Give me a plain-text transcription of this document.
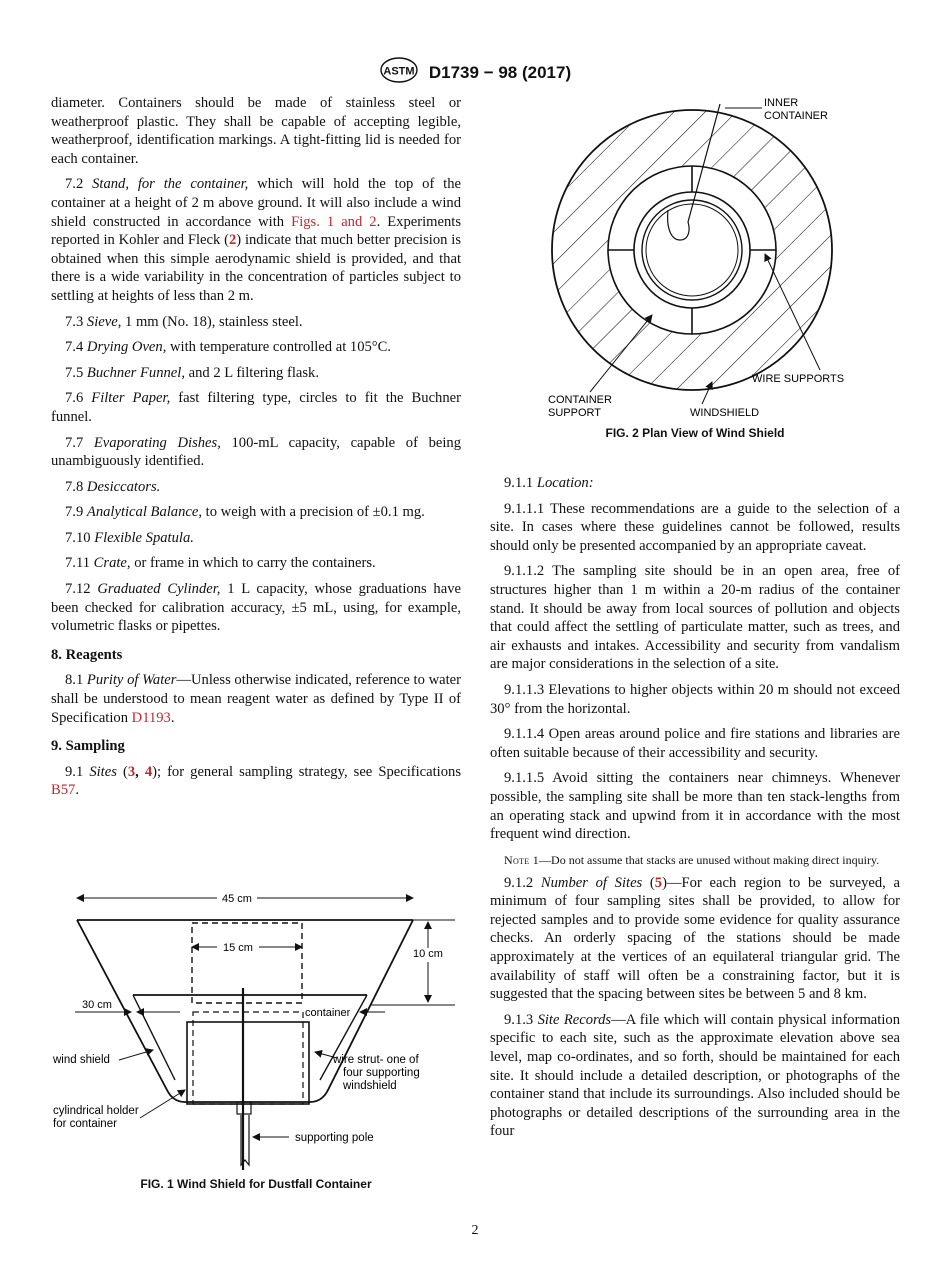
ASTM D1739 − 98 (2017)

diameter. Containers should be made of stainless steel or weatherproof plastic. They shall be capable of accepting legible, weatherproof, identification markings. A tight-fitting lid is needed for each container.

7.2 Stand, for the container, which will hold the top of the container at a height of 2 m above ground. It will also include a wind shield constructed in accordance with Figs. 1 and 2. Experiments reported in Kohler and Fleck (2) indicate that much better precision is obtained when this simple aerodynamic shield is provided, and that there is a wide variability in the concentration of particles subject to settling at heights of less than 2 m.

7.3 Sieve, 1 mm (No. 18), stainless steel.

7.4 Drying Oven, with temperature controlled at 105°C.

7.5 Buchner Funnel, and 2 L filtering flask.

7.6 Filter Paper, fast filtering type, circles to fit the Buchner funnel.

7.7 Evaporating Dishes, 100-mL capacity, capable of being unambiguously identified.

7.8 Desiccators.

7.9 Analytical Balance, to weigh with a precision of ±0.1 mg.

7.10 Flexible Spatula.

7.11 Crate, or frame in which to carry the containers.

7.12 Graduated Cylinder, 1 L capacity, whose graduations have been checked for calibration accuracy, ±5 mL, using, for example, volumetric flasks or pipettes.

8. Reagents

8.1 Purity of Water—Unless otherwise indicated, reference to water shall be understood to mean reagent water as defined by Type II of Specification D1193.

9. Sampling

9.1 Sites (3, 4); for general sampling strategy, see Specifications B57.

45 cm
15 cm	10 cm
30 cm
container
wind shield	wire strut- one of
four supporting
windshield
cylindrical holder
for container
supporting pole
FIG. 1 Wind Shield for Dustfall Container
INNER
CONTAINER
WIRE SUPPORTS
CONTAINER
SUPPORT	WINDSHIELD
FIG. 2 Plan View of Wind Shield

9.1.1 Location:

9.1.1.1 These recommendations are a guide to the selection of a site. In cases where these guidelines cannot be followed, results should only be presented accompanied by an appropriate caveat.

9.1.1.2 The sampling site should be in an open area, free of structures higher than 1 m within a 20-m radius of the container stand. It should be away from local sources of pollution and objects that could affect the settling of particulate matter, such as trees, and air exhausts and intakes. Accessibility and security from vandalism are major considerations in the selection of a site.

9.1.1.3 Elevations to higher objects within 20 m should not exceed 30° from the horizontal.

9.1.1.4 Open areas around police and fire stations and libraries are often suitable because of their accessibility and security.

9.1.1.5 Avoid sitting the containers near chimneys. Whenever possible, the sampling site shall be more than ten stack-lengths from an operating stack and upwind from it in accordance with the most frequent wind direction.

Note 1—Do not assume that stacks are unused without making direct inquiry.

9.1.2 Number of Sites (5)—For each region to be surveyed, a minimum of four sampling sites shall be provided, to allow for rejected samples and to provide some evidence for quality assurance checks. An orderly spacing of the stations should be made approximately at the vertices of an equilateral triangular grid. The availability of staff will often be a constraining factor, but it is suggested that the spacing between sites be between 5 and 8 km.

9.1.3 Site Records—A file which will contain physical information specific to each site, such as the approximate elevation above sea level, map co-ordinates, and so forth, should be maintained for each site. It should include a detailed description, or photographs of the container stand that include its surroundings. Also included should be photographs or detailed descriptions of the surrounding area in the four

2
